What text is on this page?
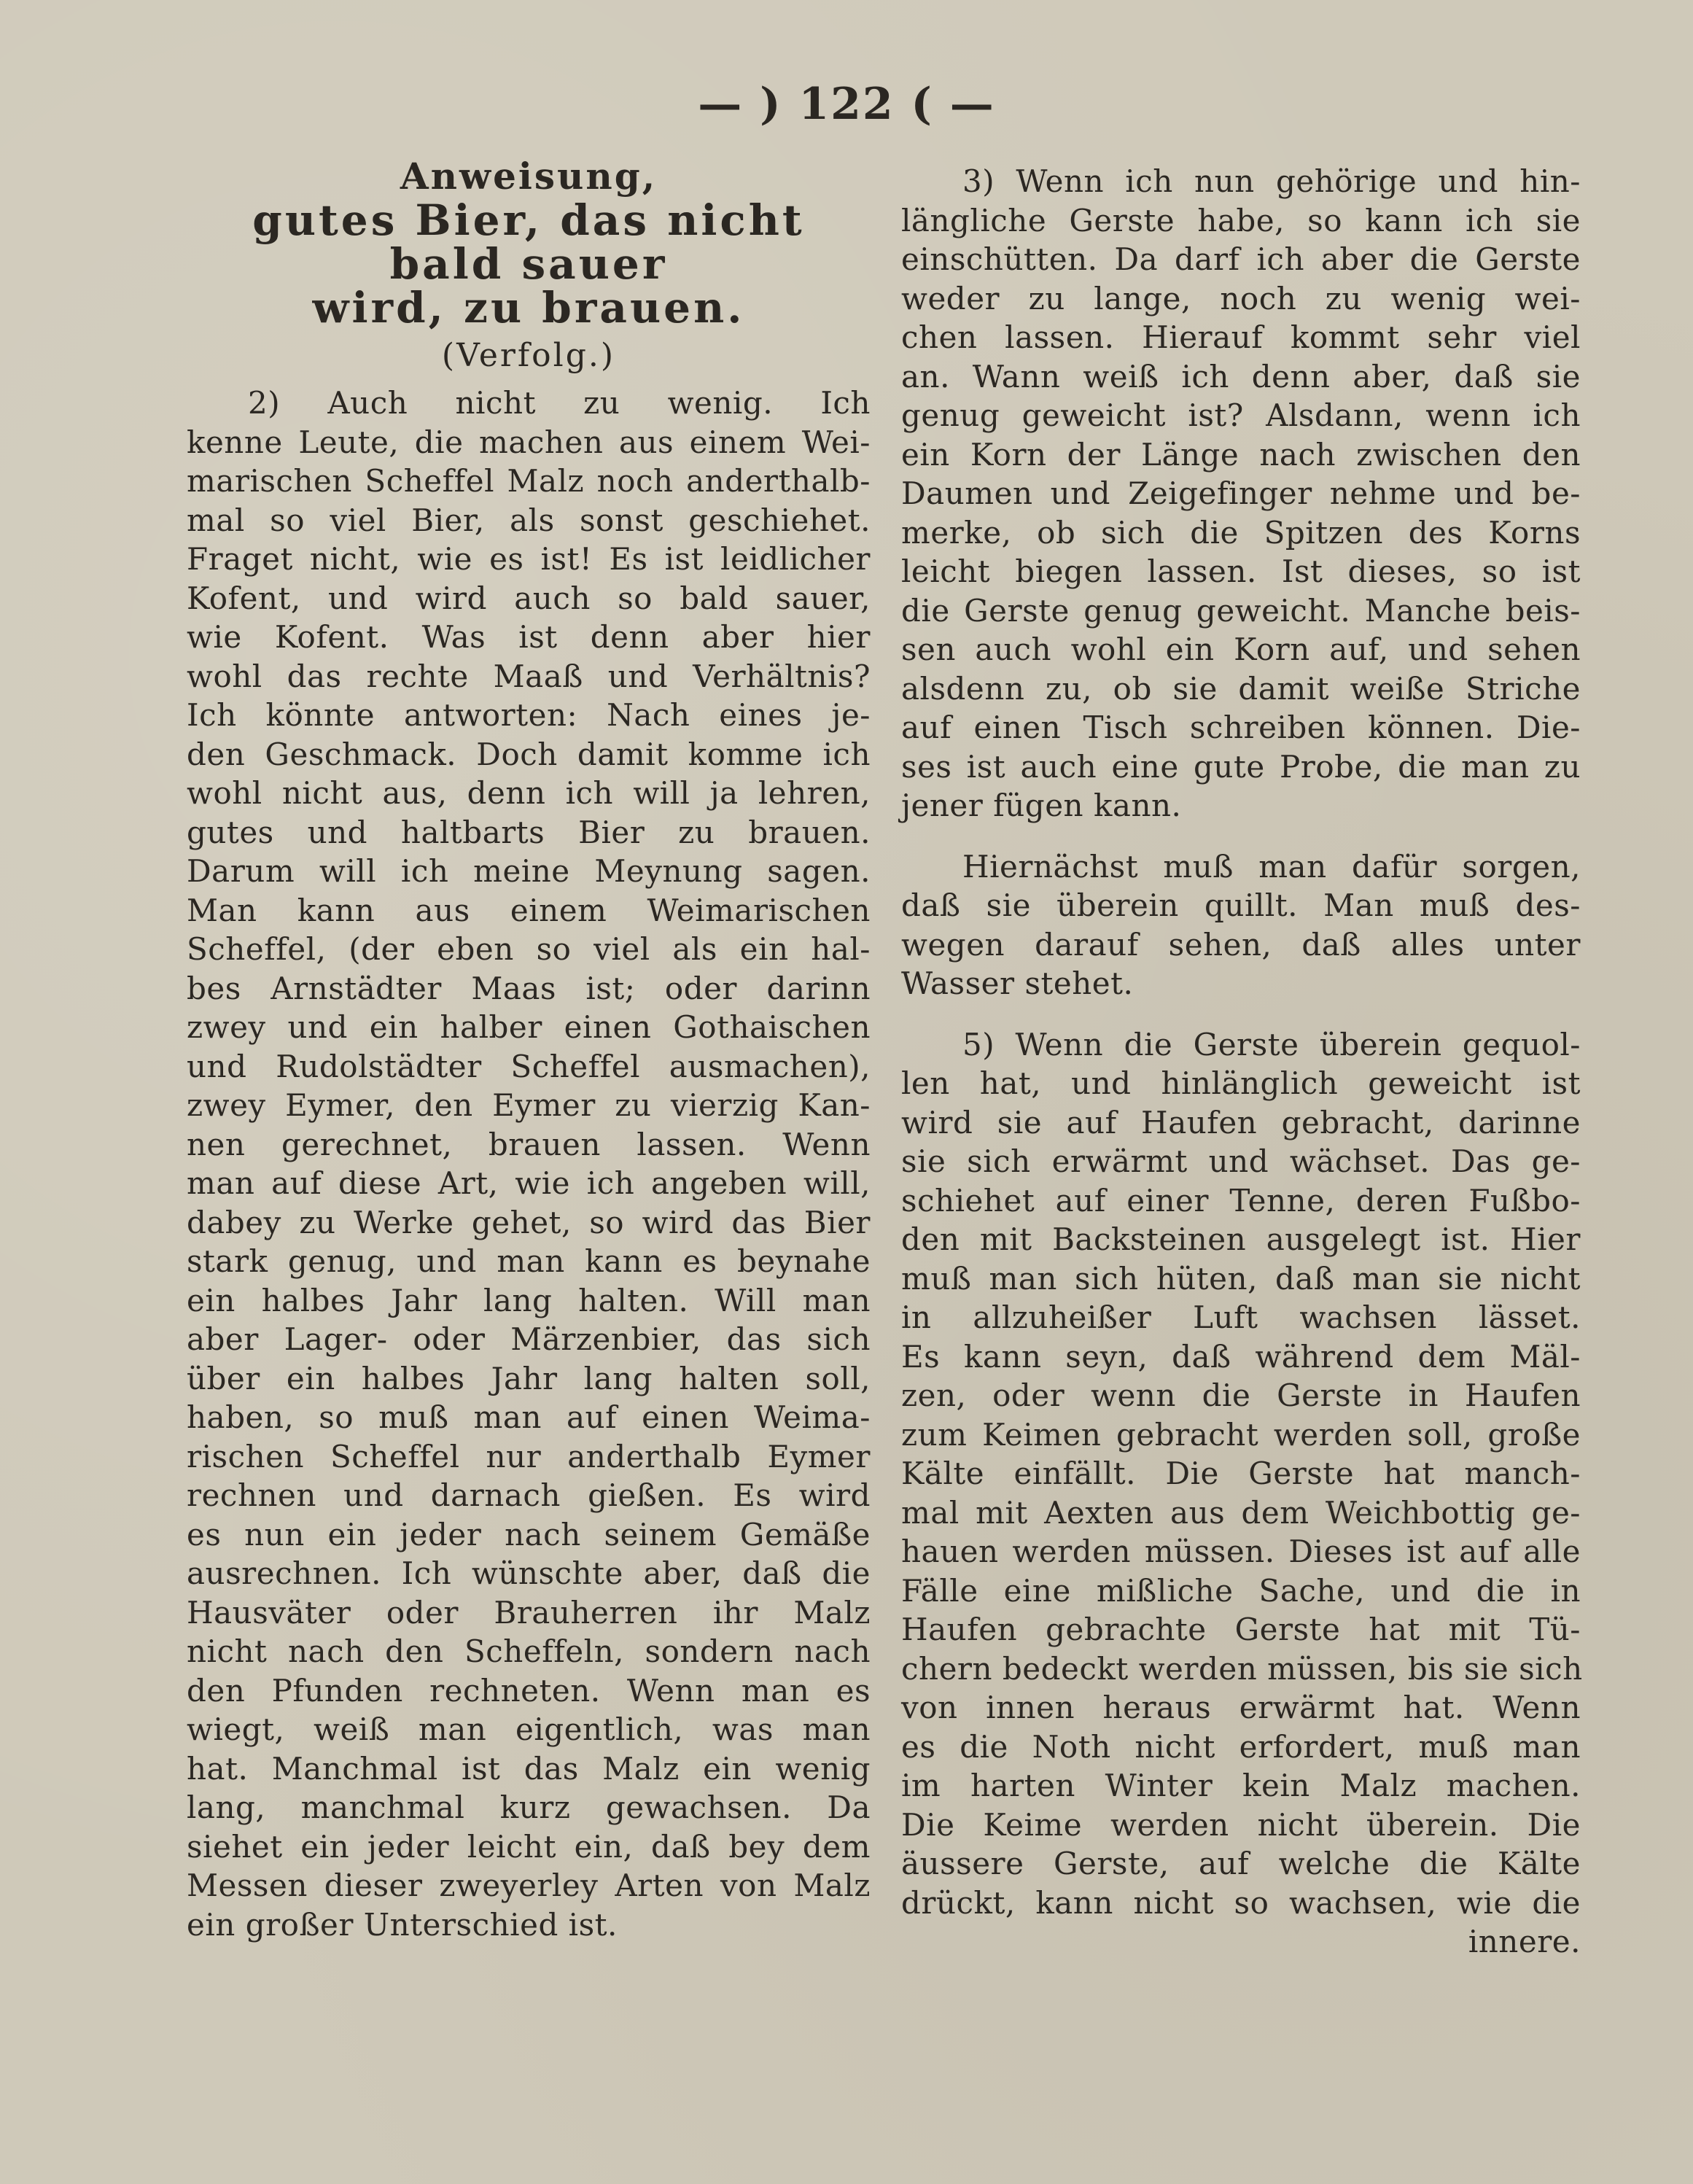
— ) 122 ( —
Anweisung,
gutes Bier, das nicht bald sauer
wird, zu brauen.
(Verfolg.)
2) Auch nicht zu wenig. Ich
kenne Leute, die machen aus einem Wei-
marischen Scheffel Malz noch anderthalb-
mal so viel Bier, als sonst geschiehet.
Fraget nicht, wie es ist! Es ist leidlicher
Kofent, und wird auch so bald sauer,
wie Kofent. Was ist denn aber hier
wohl das rechte Maaß und Verhältnis?
Ich könnte antworten: Nach eines je-
den Geschmack. Doch damit komme ich
wohl nicht aus, denn ich will ja lehren,
gutes und haltbarts Bier zu brauen.
Darum will ich meine Meynung sagen.
Man kann aus einem Weimarischen
Scheffel, (der eben so viel als ein hal-
bes Arnstädter Maas ist; oder darinn
zwey und ein halber einen Gothaischen
und Rudolstädter Scheffel ausmachen),
zwey Eymer, den Eymer zu vierzig Kan-
nen gerechnet, brauen lassen. Wenn
man auf diese Art, wie ich angeben will,
dabey zu Werke gehet, so wird das Bier
stark genug, und man kann es beynahe
ein halbes Jahr lang halten. Will man
aber Lager- oder Märzenbier, das sich
über ein halbes Jahr lang halten soll,
haben, so muß man auf einen Weima-
rischen Scheffel nur anderthalb Eymer
rechnen und darnach gießen. Es wird
es nun ein jeder nach seinem Gemäße
ausrechnen. Ich wünschte aber, daß die
Hausväter oder Brauherren ihr Malz
nicht nach den Scheffeln, sondern nach
den Pfunden rechneten. Wenn man es
wiegt, weiß man eigentlich, was man
hat. Manchmal ist das Malz ein wenig
lang, manchmal kurz gewachsen. Da
siehet ein jeder leicht ein, daß bey dem
Messen dieser zweyerley Arten von Malz
ein großer Unterschied ist.
3) Wenn ich nun gehörige und hin-
längliche Gerste habe, so kann ich sie
einschütten. Da darf ich aber die Gerste
weder zu lange, noch zu wenig wei-
chen lassen. Hierauf kommt sehr viel
an. Wann weiß ich denn aber, daß sie
genug geweicht ist? Alsdann, wenn ich
ein Korn der Länge nach zwischen den
Daumen und Zeigefinger nehme und be-
merke, ob sich die Spitzen des Korns
leicht biegen lassen. Ist dieses, so ist
die Gerste genug geweicht. Manche beis-
sen auch wohl ein Korn auf, und sehen
alsdenn zu, ob sie damit weiße Striche
auf einen Tisch schreiben können. Die-
ses ist auch eine gute Probe, die man zu
jener fügen kann.
Hiernächst muß man dafür sorgen,
daß sie überein quillt. Man muß des-
wegen darauf sehen, daß alles unter
Wasser stehet.
5) Wenn die Gerste überein gequol-
len hat, und hinlänglich geweicht ist
wird sie auf Haufen gebracht, darinne
sie sich erwärmt und wächset. Das ge-
schiehet auf einer Tenne, deren Fußbo-
den mit Backsteinen ausgelegt ist. Hier
muß man sich hüten, daß man sie nicht
in allzuheißer Luft wachsen lässet.
Es kann seyn, daß während dem Mäl-
zen, oder wenn die Gerste in Haufen
zum Keimen gebracht werden soll, große
Kälte einfällt. Die Gerste hat manch-
mal mit Aexten aus dem Weichbottig ge-
hauen werden müssen. Dieses ist auf alle
Fälle eine mißliche Sache, und die in
Haufen gebrachte Gerste hat mit Tü-
chern bedeckt werden müssen, bis sie sich
von innen heraus erwärmt hat. Wenn
es die Noth nicht erfordert, muß man
im harten Winter kein Malz machen.
Die Keime werden nicht überein. Die
äussere Gerste, auf welche die Kälte
drückt, kann nicht so wachsen, wie die
innere.
